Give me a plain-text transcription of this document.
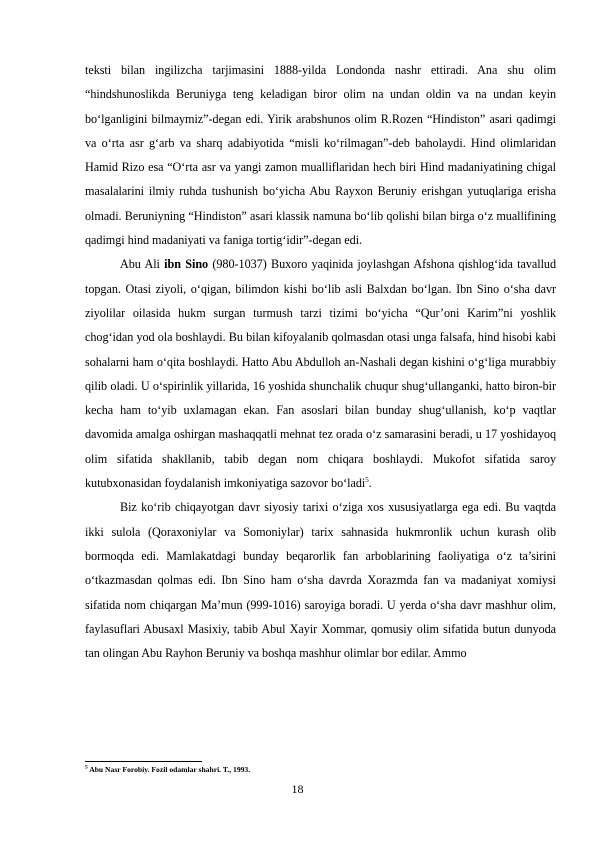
teksti bilan ingilizcha tarjimasini 1888-yilda Londonda nashr ettiradi. Ana shu olim “hindshunoslikda Beruniyga teng keladigan biror olim na undan oldin va na undan keyin bo‘lganligini bilmaymiz”-degan edi. Yirik arabshunos olim R.Rozen “Hindiston” asari qadimgi va o‘rta asr g‘arb va sharq adabiyotida “misli ko‘rilmagan”-deb baholaydi. Hind olimlaridan Hamid Rizo esa “O‘rta asr va yangi zamon mualliflaridan hech biri Hind madaniyatining chigal masalalarini ilmiy ruhda tushunish bo‘yicha Abu Rayxon Beruniy erishgan yutuqlariga erisha olmadi. Beruniyning “Hindiston” asari klassik namuna bo‘lib qolishi bilan birga o‘z muallifining qadimgi hind madaniyati va faniga tortig‘idir”-degan edi.

Abu Ali ibn Sino (980-1037) Buxoro yaqinida joylashgan Afshona qishlog‘ida tavallud topgan. Otasi ziyoli, o‘qigan, bilimdon kishi bo‘lib asli Balxdan bo‘lgan. Ibn Sino o‘sha davr ziyolilar oilasida hukm surgan turmush tarzi tizimi bo‘yicha “Qur’oni Karim”ni yoshlik chog‘idan yod ola boshlaydi. Bu bilan kifoyalanib qolmasdan otasi unga falsafa, hind hisobi kabi sohalarni ham o‘qita boshlaydi. Hatto Abu Abdulloh an-Nashali degan kishini o‘g‘liga murabbiy qilib oladi. U o‘spirinlik yillarida, 16 yoshida shunchalik chuqur shug‘ullanganki, hatto biron-bir kecha ham to‘yib uxlamagan ekan. Fan asoslari bilan bunday shug‘ullanish, ko‘p vaqtlar davomida amalga oshirgan mashaqqatli mehnat tez orada o‘z samarasini beradi, u 17 yoshidayoq olim sifatida shakllanib, tabib degan nom chiqara boshlaydi. Mukofot sifatida saroy kutubxonasidan foydalanish imkoniyatiga sazovor bo‘ladi$^5$.

Biz ko‘rib chiqayotgan davr siyosiy tarixi o‘ziga xos xususiyatlarga ega edi. Bu vaqtda ikki sulola (Qoraxoniylar va Somoniylar) tarix sahnasida hukmronlik uchun kurash olib bormoqda edi. Mamlakatdagi bunday beqarorlik fan arboblarining faoliyatiga o‘z ta’sirini o‘tkazmasdan qolmas edi. Ibn Sino ham o‘sha davrda Xorazmda fan va madaniyat xomiysi sifatida nom chiqargan Ma’mun (999-1016) saroyiga boradi. U yerda o‘sha davr mashhur olim, faylasuflari Abusaxl Masixiy, tabib Abul Xayir Xommar, qomusiy olim sifatida butun dunyoda tan olingan Abu Rayhon Beruniy va boshqa mashhur olimlar bor edilar. Ammo

$^5$ Abu Nasr Forobiy. Fozil odamlar shahri. T., 1993.
18
